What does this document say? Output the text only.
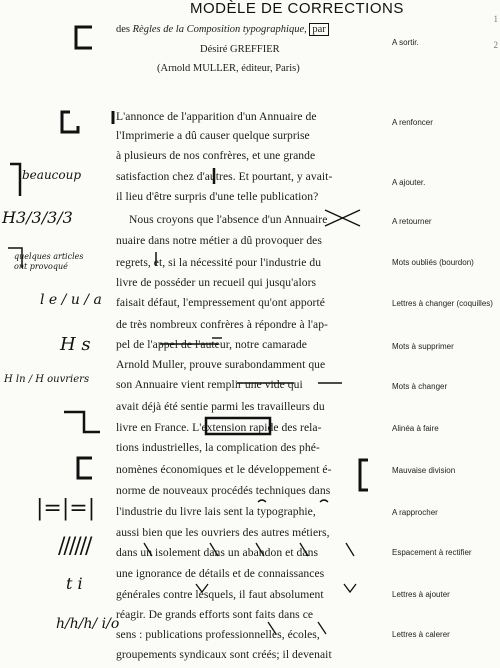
MODÈLE DE CORRECTIONS
des Règles de la Composition typographique, par
Désiré GREFFIER
(Arnold MULLER, éditeur, Paris)
L'annonce de l'apparition d'un Annuaire de
l'Imprimerie a dû causer quelque surprise
à plusieurs de nos confrères, et une grande
satisfaction chez d'autres. Et pourtant, y avait-
il lieu d'être surpris d'une telle publication?
Nous croyons que l'absence d'un Annuaire
nuaire dans notre métier a dû provoquer des
regrets, et, si la nécessité pour l'industrie du
livre de posséder un recueil qui jusqu'alors
faisait défaut, l'empressement qu'ont apporté
de très nombreux confrères à répondre à l'ap-
pel de l'appel de l'auteur, notre camarade
Arnold Muller, prouve surabondamment que
son Annuaire vient remplir une vide qui
avait déjà été sentie parmi les travailleurs du
livre en France. L'extension rapide des rela-
tions industrielles, la complication des phé-
nomènes économiques et le développement é-
norme de nouveaux procédés techniques dans
l'industrie du livre lais sent la typographie,
aussi bien que les ouvriers des autres métiers,
dans un isolement dans un abandon et dans
une ignorance de détails et de connaissances
générales contre lesquels, il faut absolument
réagir. De grands efforts sont faits dans ce
sens : publications professionnelles, écoles,
groupements syndicaux sont créés; il devenait
A sortir.
A renfoncer
A ajouter.
A retourner
Mots oubliés (bourdon)
Lettres à changer (coquilles)
Mots à supprimer
Mots à changer
Alinéa à faire
Mauvaise division
A rapprocher
Espacement à rectifier
Lettres à ajouter
Lettres à calerer
beaucoup
H3/3/3/3
quelques articles
ont provoqué
l e / u / a
H s
H ln / H ouvriers
|=|=|
//////
t i
h/h/h/ i/o
1
2
